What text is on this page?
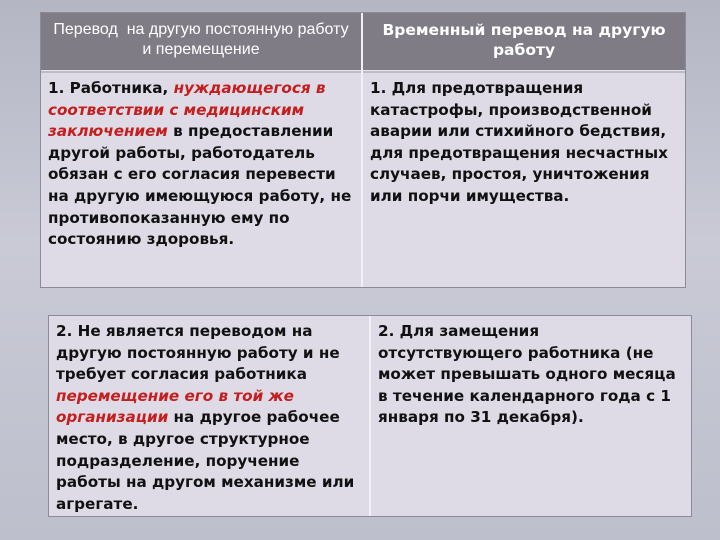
Перевод на другую постоянную работу и перемещение
Временный перевод на другую работу
1. Работника, нуждающегося в соответствии с медицинским заключением в предоставлении другой работы, работодатель обязан с его согласия перевести на другую имеющуюся работу, не противопоказанную ему по состоянию здоровья.
1. Для предотвращения катастрофы, производственной аварии или стихийного бедствия, для предотвращения несчастных случаев, простоя, уничтожения или порчи имущества.
2. Не является переводом на другую постоянную работу и не требует согласия работника перемещение его в той же организации на другое рабочее место, в другое структурное подразделение, поручение работы на другом механизме или агрегате.
2. Для замещения отсутствующего работника (не может превышать одного месяца в течение календарного года с 1 января по 31 декабря).
